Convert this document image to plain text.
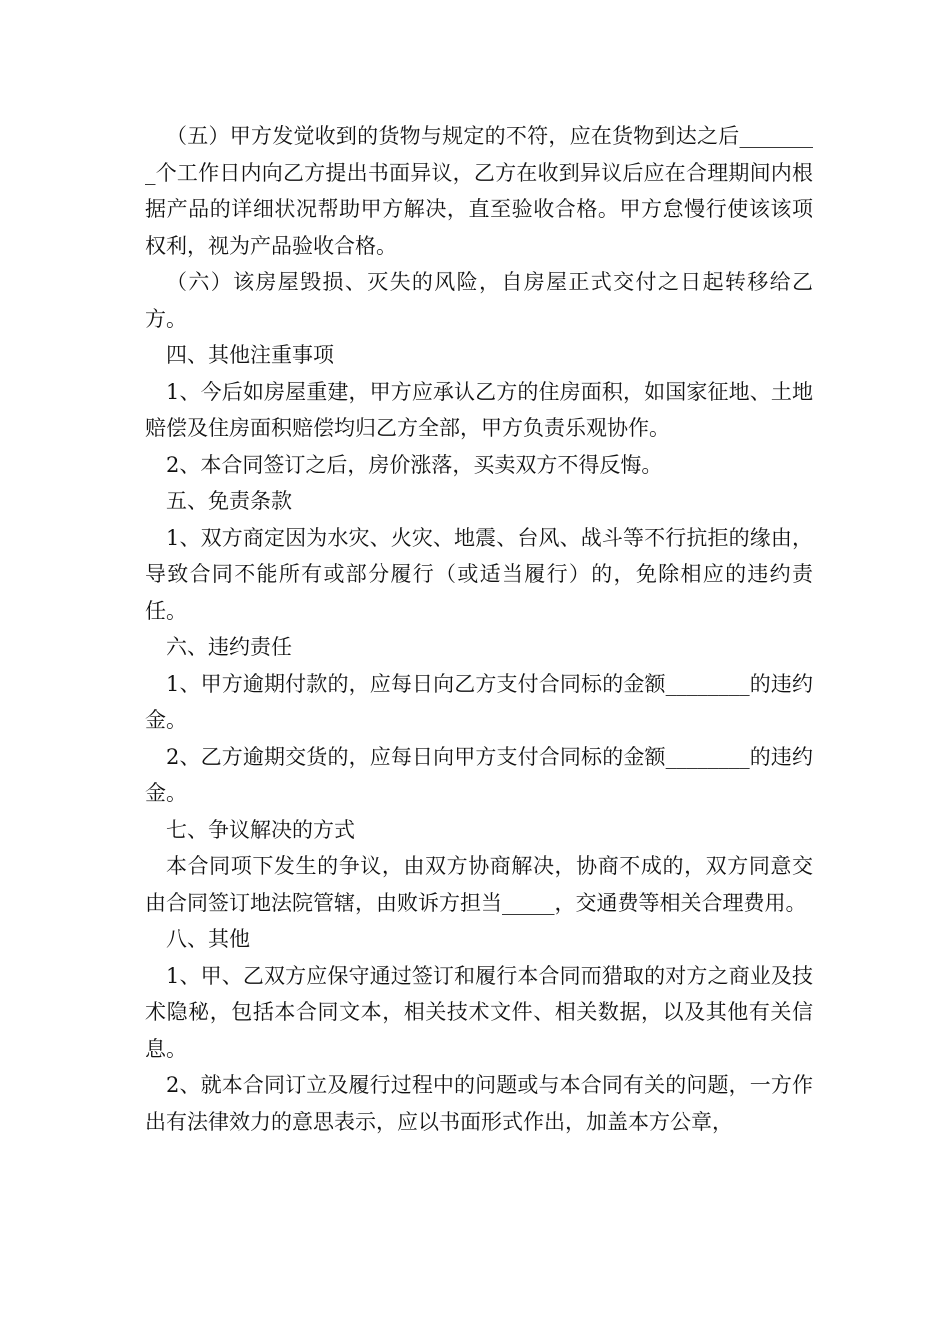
（五）甲方发觉收到的货物与规定的不符，应在货物到达之后________个工作日内向乙方提出书面异议，乙方在收到异议后应在合理期间内根据产品的详细状况帮助甲方解决，直至验收合格。甲方怠慢行使该该项权利，视为产品验收合格。

（六）该房屋毁损、灭失的风险，自房屋正式交付之日起转移给乙方。

四、其他注重事项

1、今后如房屋重建，甲方应承认乙方的住房面积，如国家征地、土地赔偿及住房面积赔偿均归乙方全部，甲方负责乐观协作。

2、本合同签订之后，房价涨落，买卖双方不得反悔。

五、免责条款

1、双方商定因为水灾、火灾、地震、台风、战斗等不行抗拒的缘由，导致合同不能所有或部分履行（或适当履行）的，免除相应的违约责任。

六、违约责任

1、甲方逾期付款的，应每日向乙方支付合同标的金额________的违约金。

2、乙方逾期交货的，应每日向甲方支付合同标的金额________的违约金。

七、争议解决的方式

本合同项下发生的争议，由双方协商解决，协商不成的，双方同意交由合同签订地法院管辖，由败诉方担当_____，交通费等相关合理费用。

八、其他

1、甲、乙双方应保守通过签订和履行本合同而猎取的对方之商业及技术隐秘，包括本合同文本，相关技术文件、相关数据，以及其他有关信息。

2、就本合同订立及履行过程中的问题或与本合同有关的问题，一方作出有法律效力的意思表示，应以书面形式作出，加盖本方公章，
